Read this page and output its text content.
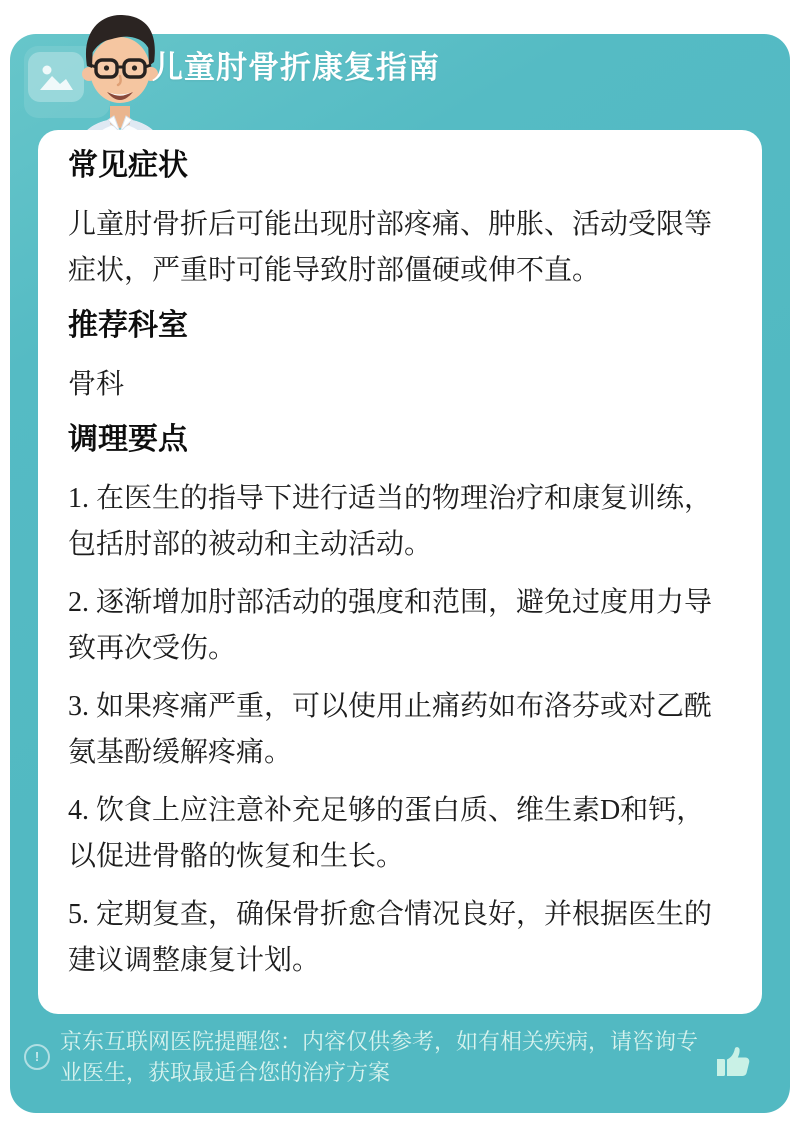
儿童肘骨折康复指南
常见症状

儿童肘骨折后可能出现肘部疼痛、肿胀、活动受限等症状，严重时可能导致肘部僵硬或伸不直。

推荐科室

骨科

调理要点

1. 在医生的指导下进行适当的物理治疗和康复训练，包括肘部的被动和主动活动。

2. 逐渐增加肘部活动的强度和范围，避免过度用力导致再次受伤。

3. 如果疼痛严重，可以使用止痛药如布洛芬或对乙酰氨基酚缓解疼痛。

4. 饮食上应注意补充足够的蛋白质、维生素D和钙，以促进骨骼的恢复和生长。

5. 定期复查，确保骨折愈合情况良好，并根据医生的建议调整康复计划。

!
京东互联网医院提醒您：内容仅供参考，如有相关疾病，请咨询专业医生，获取最适合您的治疗方案
